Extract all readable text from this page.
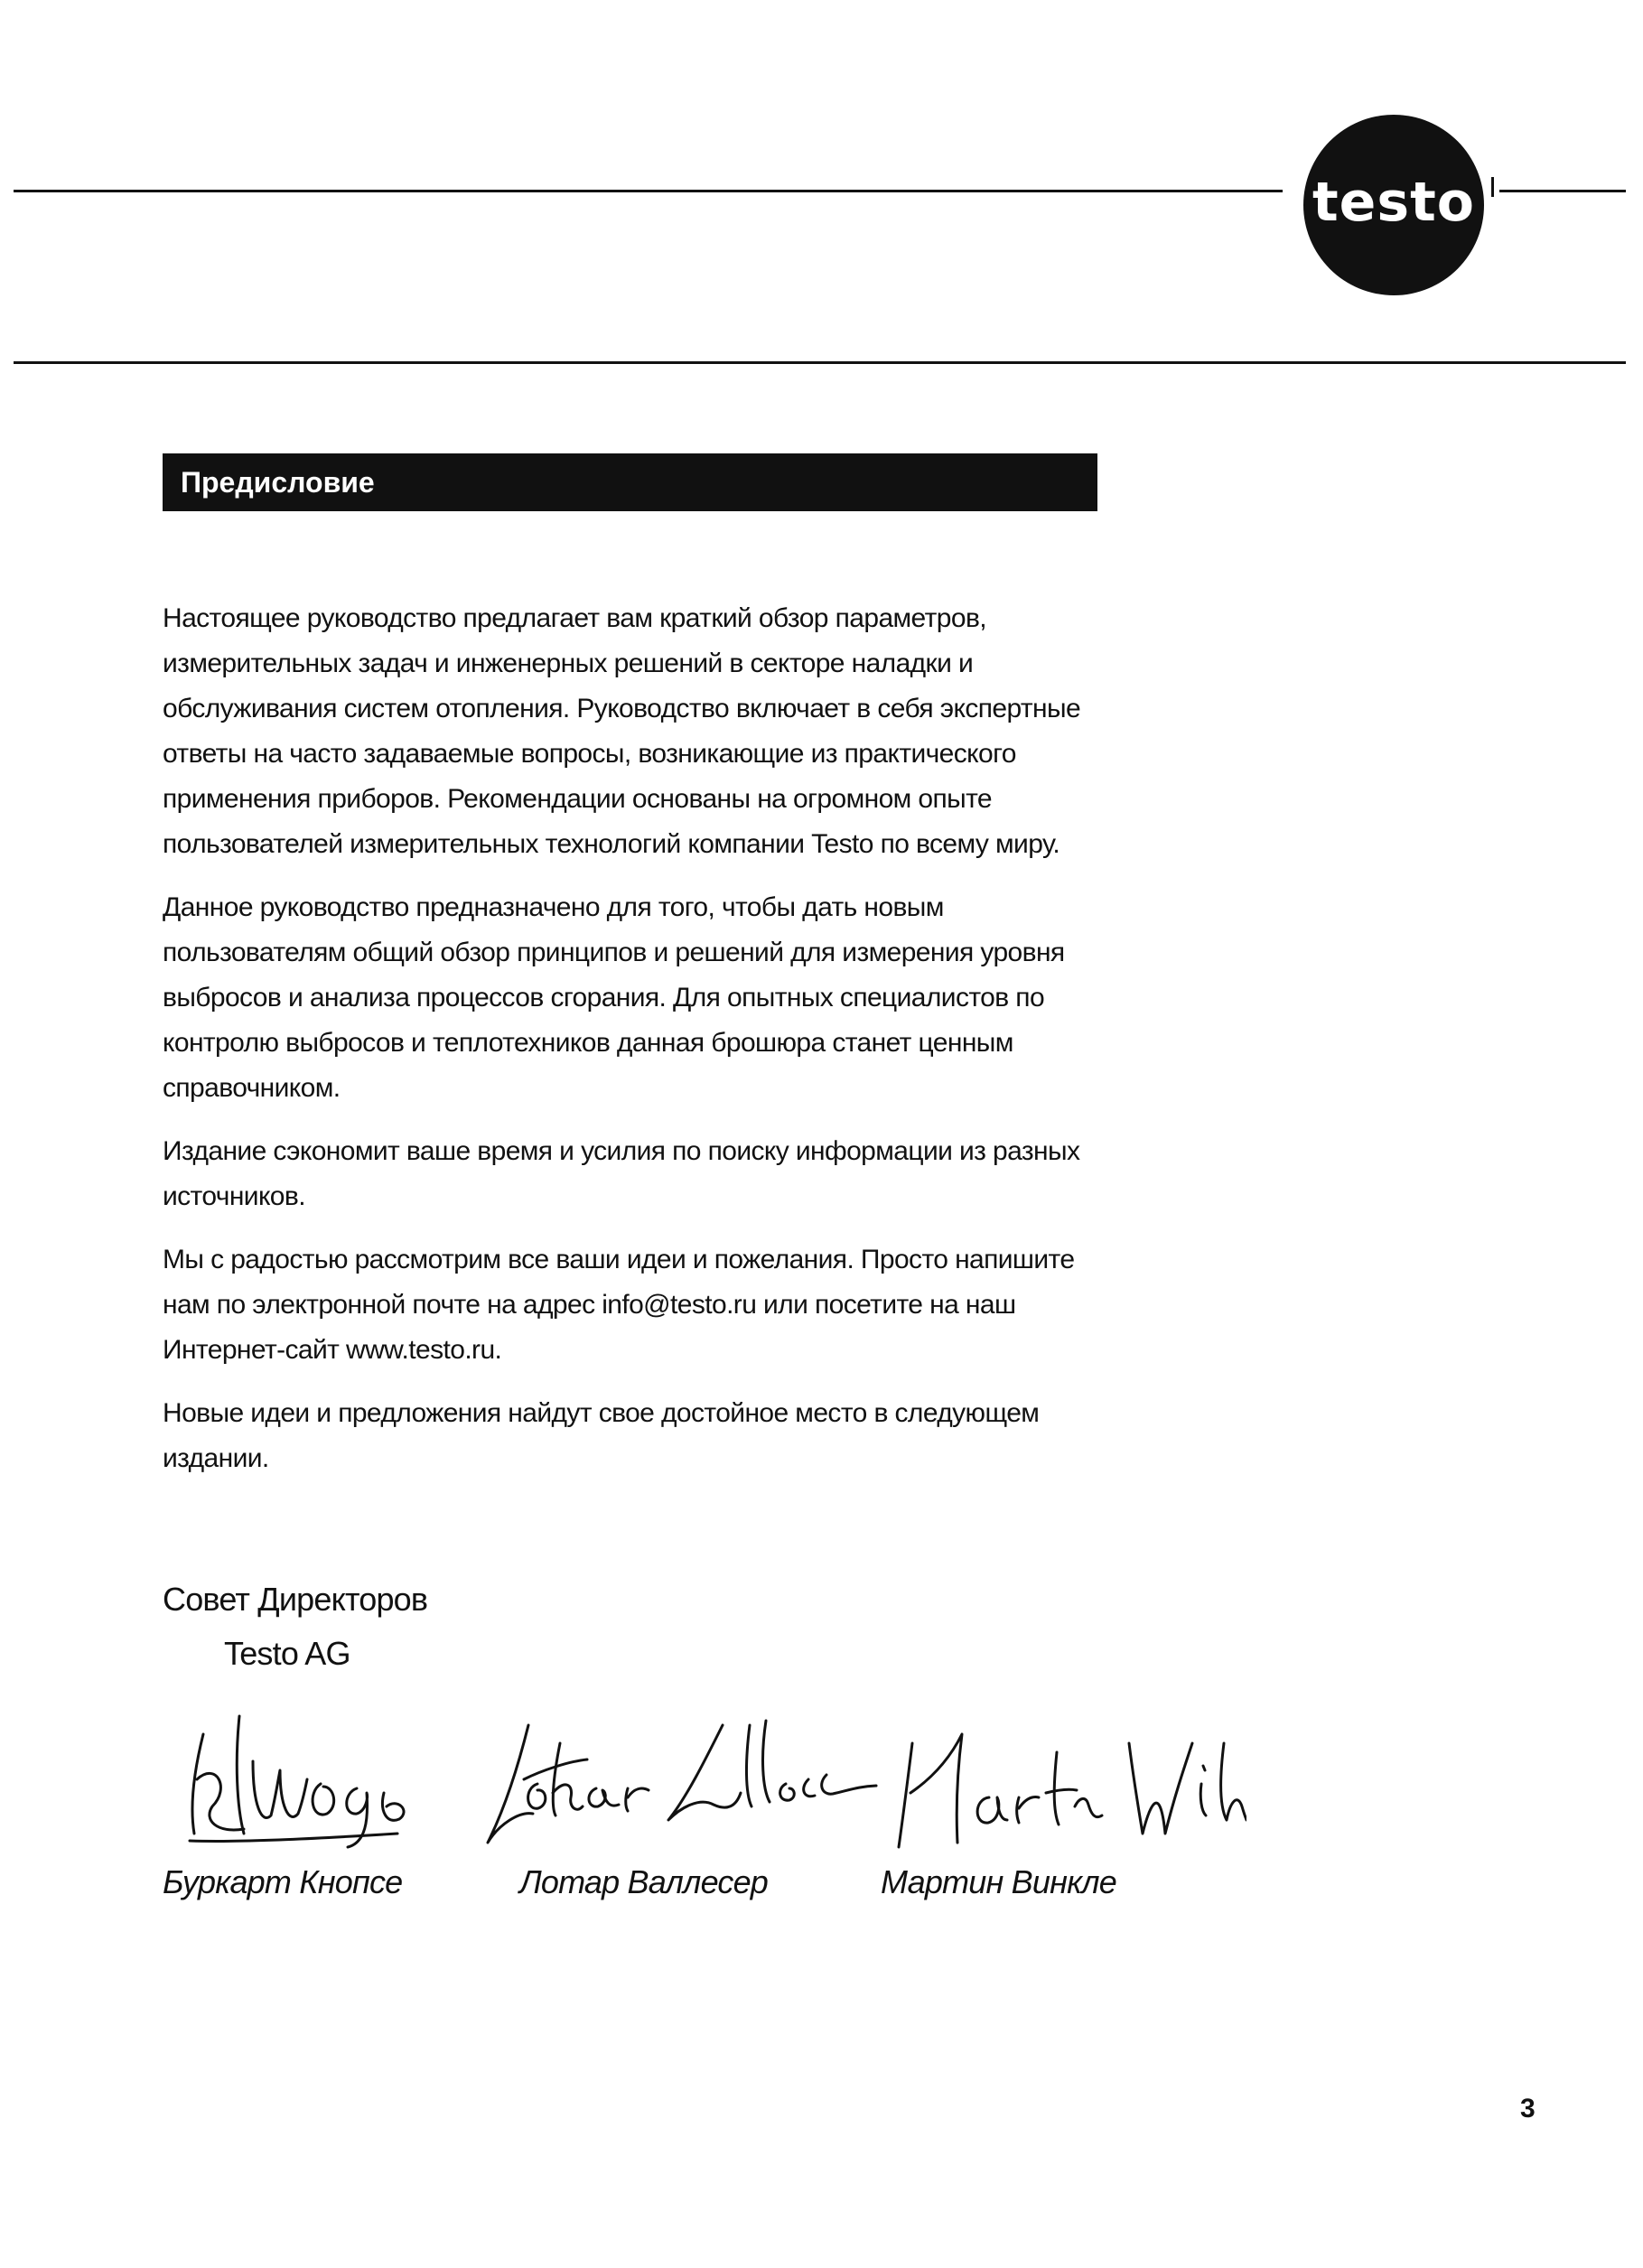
testo
Предисловие

Настоящее руководство предлагает вам краткий обзор параметров, измерительных задач и инженерных решений в секторе наладки и обслуживания систем отопления. Руководство включает в себя экспертные ответы на часто задаваемые вопросы, возникающие из практического применения приборов. Рекомендации основаны на огромном опыте пользователей измерительных технологий компании Testo по всему миру.

Данное руководство предназначено для того, чтобы дать новым пользователям общий обзор принципов и решений для измерения уровня выбросов и анализа процессов сгорания. Для опытных специалистов по контролю выбросов и теплотехников данная брошюра станет ценным справочником.

Издание сэкономит ваше время и усилия по поиску информации из разных источников.

Мы с радостью рассмотрим все ваши идеи и пожелания. Просто напишите нам по электронной почте на адрес info@testo.ru или посетите на наш Интернет-сайт www.testo.ru.

Новые идеи и предложения найдут свое достойное место в следующем издании.

Совет Директоров
Testo AG
Буркарт Кнопсе	Лотар Валлесер	Мартин Винкле
3
